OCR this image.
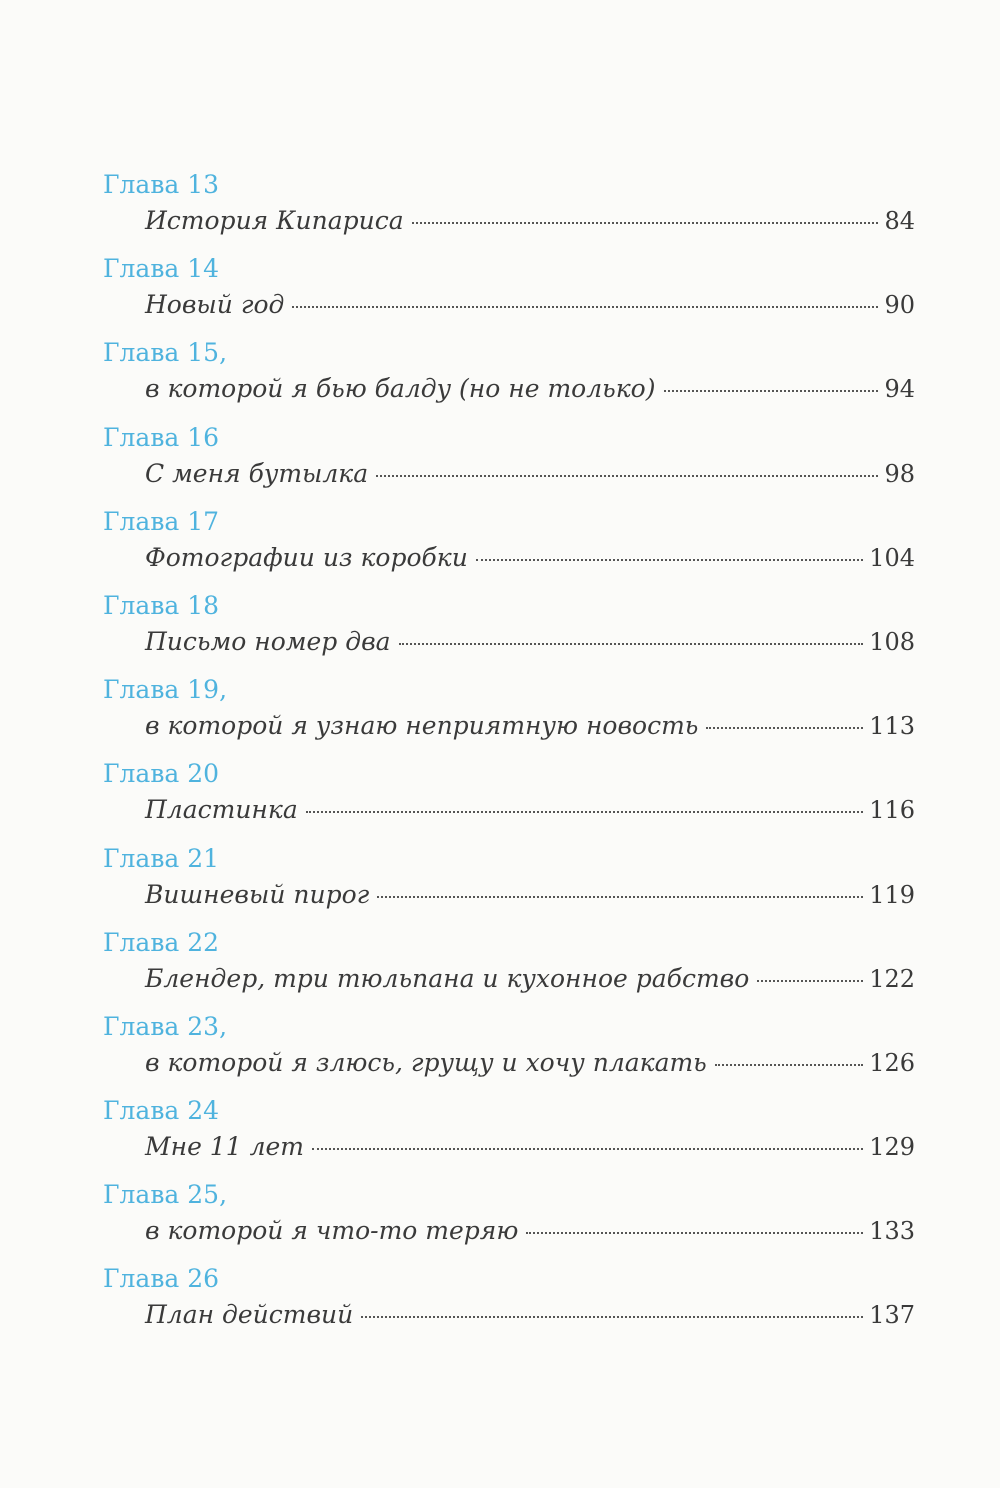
Глава 13
История Кипариса	84
Глава 14
Новый год	90
Глава 15,
в которой я бью балду (но не только)	94
Глава 16
С меня бутылка	98
Глава 17
Фотографии из коробки	104
Глава 18
Письмо номер два	108
Глава 19,
в которой я узнаю неприятную новость	113
Глава 20
Пластинка	116
Глава 21
Вишневый пирог	119
Глава 22
Блендер, три тюльпана и кухонное рабство	122
Глава 23,
в которой я злюсь, грущу и хочу плакать	126
Глава 24
Мне 11 лет	129
Глава 25,
в которой я что-то теряю	133
Глава 26
План действий	137
